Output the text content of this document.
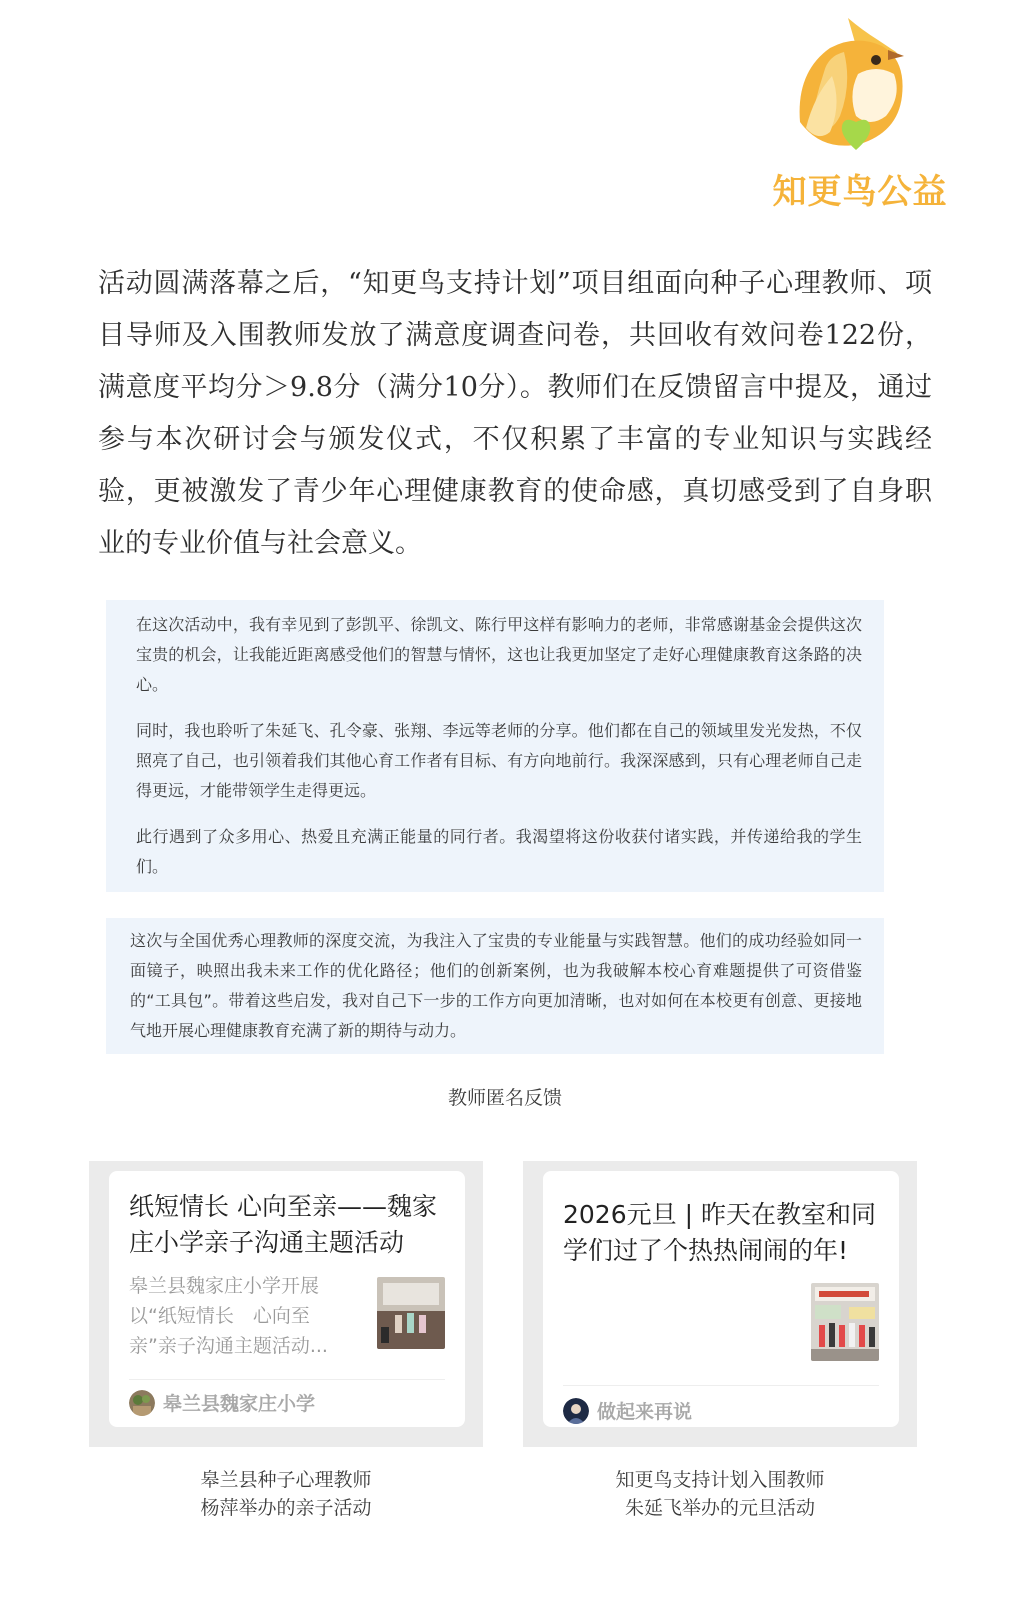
知更鸟公益

活动圆满落幕之后，“知更鸟支持计划”项目组面向种子心理教师、项目导师及入围教师发放了满意度调查问卷，共回收有效问卷122份，满意度平均分＞9.8分（满分10分）。教师们在反馈留言中提及，通过参与本次研讨会与颁发仪式，不仅积累了丰富的专业知识与实践经验，更被激发了青少年心理健康教育的使命感，真切感受到了自身职业的专业价值与社会意义。

在这次活动中，我有幸见到了彭凯平、徐凯文、陈行甲这样有影响力的老师，非常感谢基金会提供这次宝贵的机会，让我能近距离感受他们的智慧与情怀，这也让我更加坚定了走好心理健康教育这条路的决心。

同时，我也聆听了朱延飞、孔令豪、张翔、李远等老师的分享。他们都在自己的领域里发光发热，不仅照亮了自己，也引领着我们其他心育工作者有目标、有方向地前行。我深深感到，只有心理老师自己走得更远，才能带领学生走得更远。

此行遇到了众多用心、热爱且充满正能量的同行者。我渴望将这份收获付诸实践，并传递给我的学生们。

这次与全国优秀心理教师的深度交流，为我注入了宝贵的专业能量与实践智慧。他们的成功经验如同一面镜子，映照出我未来工作的优化路径；他们的创新案例，也为我破解本校心育难题提供了可资借鉴的“工具包”。带着这些启发，我对自己下一步的工作方向更加清晰，也对如何在本校更有创意、更接地气地开展心理健康教育充满了新的期待与动力。

教师匿名反馈
纸短情长 心向至亲——魏家庄小学亲子沟通主题活动

皋兰县魏家庄小学开展以“纸短情长　心向至亲”亲子沟通主题活动...

皋兰县魏家庄小学
2026元旦 | 昨天在教室和同学们过了个热热闹闹的年!
做起来再说
皋兰县种子心理教师
杨萍举办的亲子活动
知更鸟支持计划入围教师
朱延飞举办的元旦活动
